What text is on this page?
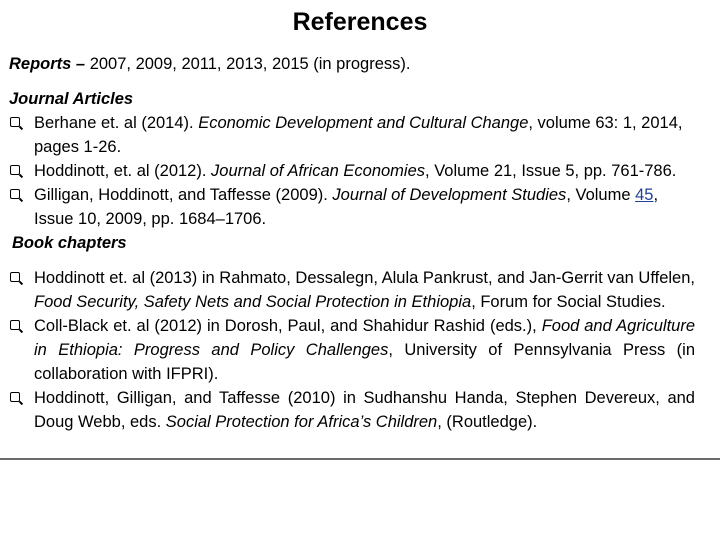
References

Reports – 2007, 2009, 2011, 2013, 2015 (in progress).

Journal Articles

Berhane et. al (2014). Economic Development and Cultural Change, volume 63: 1, 2014, pages 1-26.
Hoddinott, et. al (2012). Journal of African Economies, Volume 21, Issue 5, pp. 761-786.
Gilligan, Hoddinott, and Taffesse (2009). Journal of Development Studies, Volume 45, Issue 10, 2009, pp. 1684–1706.

Book chapters

Hoddinott et. al (2013) in Rahmato, Dessalegn, Alula Pankrust, and Jan-Gerrit van Uffelen, Food Security, Safety Nets and Social Protection in Ethiopia, Forum for Social Studies.
Coll-Black et. al (2012) in Dorosh, Paul, and Shahidur Rashid (eds.), Food and Agriculture in Ethiopia: Progress and Policy Challenges, University of Pennsylvania Press (in collaboration with IFPRI).
Hoddinott, Gilligan, and Taffesse (2010) in Sudhanshu Handa, Stephen Devereux, and Doug Webb, eds. Social Protection for Africa’s Children, (Routledge).
